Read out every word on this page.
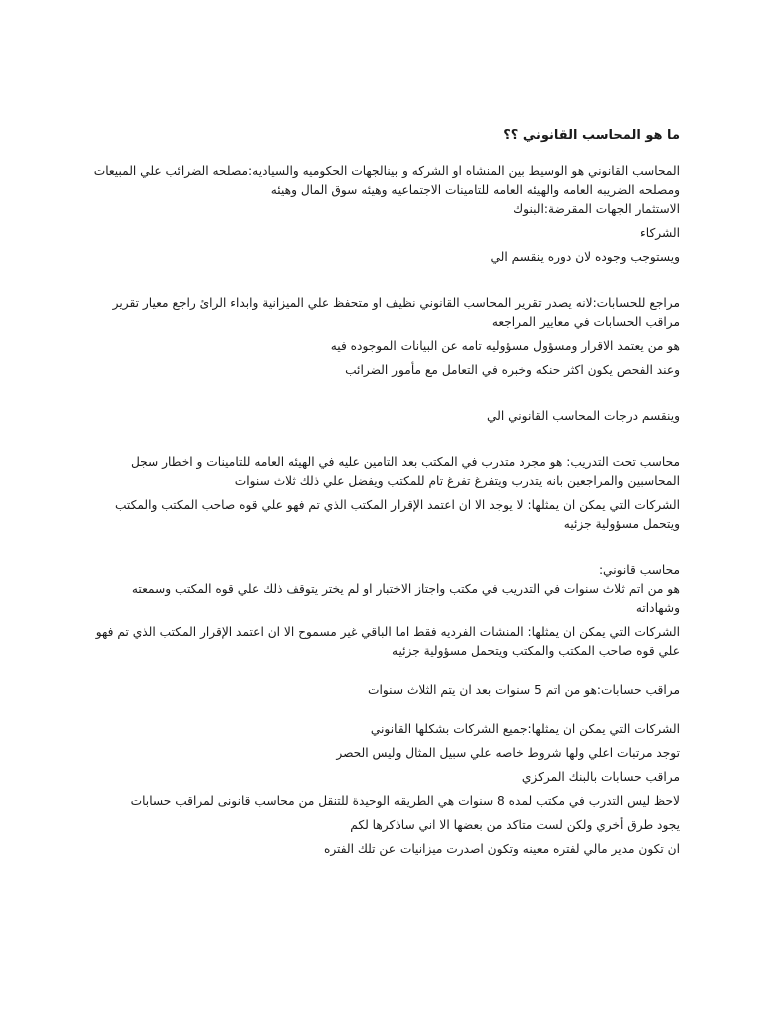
ما هو المحاسب القانوني ؟؟

المحاسب القانوني هو الوسيط بين المنشاه او الشركه و بينالجهات الحكوميه والسياديه:مصلحه الضرائب علي المبيعات ومصلحه الضريبه العامه والهيئه العامه للتامينات الاجتماعيه وهيئه سوق المال وهيئه

الاستثمار الجهات المقرضة:البنوك

الشركاء

ويستوجب وجوده لان دوره ينقسم الي

مراجع للحسابات:لانه يصدر تقرير المحاسب القانوني نظيف او متحفظ علي الميزانية وابداء الرائ راجع معيار تقرير مراقب الحسابات في معايير المراجعه

هو من يعتمد الاقرار ومسؤول مسؤوليه تامه عن البيانات الموجوده فيه

وعند الفحص يكون اكثر حنكه وخبره في التعامل مع مأمور الضرائب

وينقسم درجات المحاسب القانوني الي

محاسب تحت التدريب: هو مجرد متدرب في المكتب بعد التامين عليه في الهيئه العامه للتامينات و اخطار سجل المحاسبين والمراجعين بانه يتدرب ويتفرغ تفرغ تام للمكتب ويفضل علي ذلك ثلاث سنوات

الشركات التي يمكن ان يمثلها: لا يوجد الا ان اعتمد الإقرار المكتب الذي تم فهو علي قوه صاحب المكتب والمكتب ويتحمل مسؤولية جزئيه

محاسب قانوني:

هو من اتم ثلاث سنوات في التدريب في مكتب واجتاز الاختبار او لم يختر يتوقف ذلك علي قوه المكتب وسمعته وشهاداته

الشركات التي يمكن ان يمثلها: المنشات الفرديه فقط اما الباقي غير مسموح الا ان اعتمد الإقرار المكتب الذي تم فهو علي قوه صاحب المكتب والمكتب ويتحمل مسؤولية جزئيه

مراقب حسابات:هو من اتم 5 سنوات بعد ان يتم الثلاث سنوات

الشركات التي يمكن ان يمثلها:جميع الشركات بشكلها القانوني

توجد مرتبات اعلي ولها شروط خاصه علي سبيل المثال وليس الحصر

مراقب حسابات بالبنك المركزي

لاحظ ليس التدرب في مكتب لمده 8 سنوات هي الطريقه الوحيدة للتنقل من محاسب قانونى لمراقب حسابات

يجود طرق أخري ولكن لست متاكد من بعضها الا اني ساذكرها لكم

ان تكون مدير مالي لفتره معينه وتكون اصدرت ميزانيات عن تلك الفتره
